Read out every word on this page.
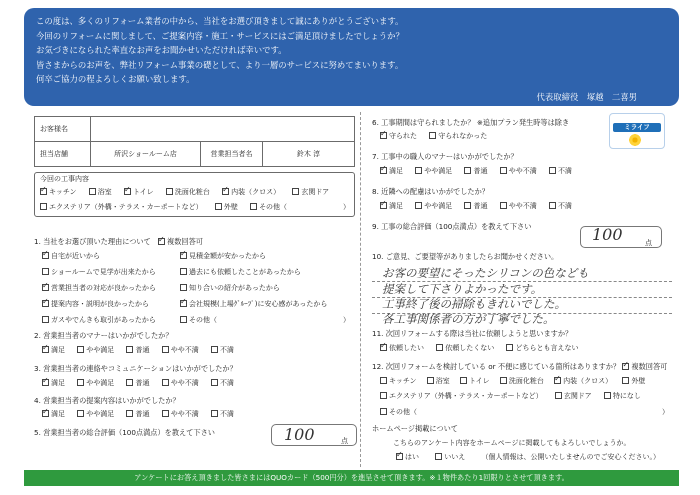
この度は、多くのリフォーム業者の中から、当社をお選び頂きまして誠にありがとうございます。
今回のリフォームに関しまして、ご提案内容・施工・サービスにはご満足頂けましたでしょうか？
お気づきになられた率直なお声をお聞かせいただければ幸いです。
皆さまからのお声を、弊社リフォーム事業の礎として、より一層のサービスに努めてまいります。
何卒ご協力の程よろしくお願い致します。
代表取締役　塚越　二喜男
ミライフ
お客様名			
担当店舗	所沢ショールーム店	営業担当者名	鈴木 淳
今回の工事内容
✓キッチン	浴室 ✓	トイレ	洗面化粧台 ✓	内装（クロス）	玄関ドア
エクステリア（外構・テラス・カーポートなど）	外壁	その他（	）
1. 当社をお選び頂いた理由について　 ✓ 複数回答可
✓自宅が近いから ✓	見積金額が安かったから
ショールームで見学が出来たから	過去にも依頼したことがあったから
✓営業担当者の対応が良かったから	知り合いの紹介があったから
✓提案内容・説明が良かったから ✓	会社規模(上場ｸﾞﾙｰﾌﾟ)に安心感があったから
ガスやでんきも取引があったから	その他（	）
2. 営業担当者のマナーはいかがでしたか？
✓満足	やや満足	普通	やや不満	不満
3. 営業担当者の連絡やコミュニケーションはいかがでしたか？
✓満足	やや満足	普通	やや不満	不満
4. 営業担当者の提案内容はいかがでしたか？
✓満足	やや満足	普通	やや不満	不満
5. 営業担当者の総合評価（100点満点）を教えて下さい	100	点
6. 工事期間は守られましたか？ ※追加プラン発生時等は除き
✓守られた	守られなかった
7. 工事中の職人のマナーはいかがでしたか？
✓満足	やや満足	普通	やや不満	不満
8. 近隣への配慮はいかがでしたか？
✓満足	やや満足	普通	やや不満	不満
9. 工事の総合評価（100点満点）を教えて下さい	100	点
10. ご意見、ご要望等がありましたらお聞かせください。
お客の要望にそったシリコンの色なども
提案して下さりよかったです。
工事終了後の掃除もきれいでした。
各工事関係者の方が丁寧でした。
11. 次回リフォームする際は当社に依頼しようと思いますか？
✓依頼したい	依頼したくない	どちらとも言えない
12. 次回リフォームを検討している or 不便に感じている箇所はありますか？ ✓ 複数回答可
キッチン	浴室	トイレ	洗面化粧台 ✓	内装（クロス）	外壁
エクステリア（外構・テラス・カーポートなど）	玄関ドア	特になし
その他（	）
ホームページ掲載について
こちらのアンケート内容をホームページに掲載してもよろしいでしょうか。
✓はい	いいえ （個人情報は、公開いたしませんのでご安心ください。）
アンケートにお答え頂きました皆さまにはQUOカード（500円分）を進呈させて頂きます。※１物件あたり1回限りとさせて頂きます。
